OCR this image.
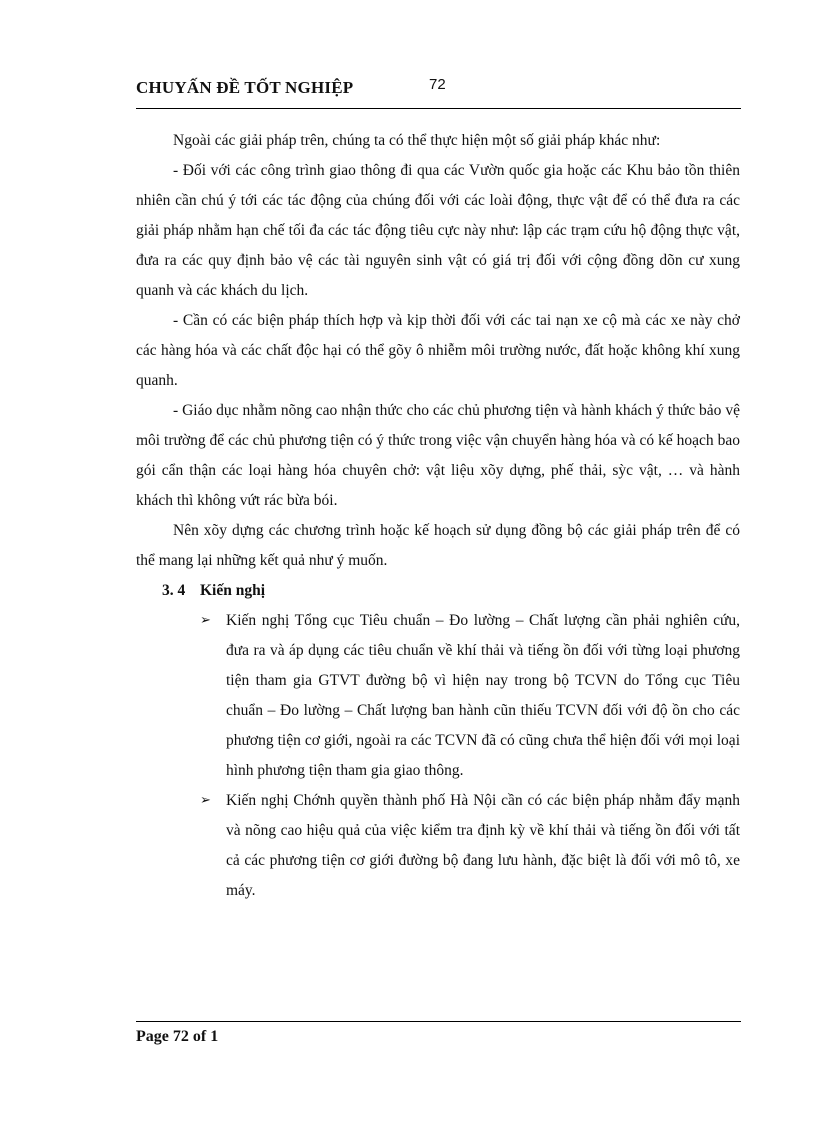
CHUYẤN ĐỀ TỐT NGHIỆP	72

Ngoài các giải pháp trên, chúng ta có thể thực hiện một số giải pháp khác như:

- Đối với các công trình giao thông đi qua các Vườn quốc gia hoặc các Khu bảo tồn thiên nhiên cần chú ý tới các tác động của chúng đối với các loài động, thực vật để có thể đưa ra các giải pháp nhằm hạn chế tối đa các tác động tiêu cực này như: lập các trạm cứu hộ động thực vật, đưa ra các quy định bảo vệ các tài nguyên sinh vật có giá trị đối với cộng đồng dõn cư xung quanh và các khách du lịch.

- Cần có các biện pháp thích hợp và kịp thời đối với các tai nạn xe cộ mà các xe này chở các hàng hóa và các chất độc hại có thể gõy ô nhiễm môi trường nước, đất hoặc không khí xung quanh.

- Giáo dục nhằm nõng cao nhận thức cho các chủ phương tiện và hành khách ý thức bảo vệ môi trường để các chủ phương tiện có ý thức trong việc vận chuyển hàng hóa và có kế hoạch bao gói cẩn thận các loại hàng hóa chuyên chở: vật liệu xõy dựng, phế thải, sỳc vật, … và hành khách thì không vứt rác bừa bói.

Nên xõy dựng các chương trình hoặc kế hoạch sử dụng đồng bộ các giải pháp trên để có thể mang lại những kết quả như ý muốn.

3. 4 Kiến nghị
➢ Kiến nghị Tổng cục Tiêu chuẩn – Đo lường – Chất lượng cần phải nghiên cứu, đưa ra và áp dụng các tiêu chuẩn về khí thải và tiếng ồn đối với từng loại phương tiện tham gia GTVT đường bộ vì hiện nay trong bộ TCVN do Tổng cục Tiêu chuẩn – Đo lường – Chất lượng ban hành cũn thiếu TCVN đối với độ ồn cho các phương tiện cơ giới, ngoài ra các TCVN đã có cũng chưa thể hiện đối với mọi loại hình phương tiện tham gia giao thông.
➢ Kiến nghị Chớnh quyền thành phố Hà Nội cần có các biện pháp nhằm đẩy mạnh và nõng cao hiệu quả của việc kiểm tra định kỳ về khí thải và tiếng ồn đối với tất cả các phương tiện cơ giới đường bộ đang lưu hành, đặc biệt là đối với mô tô, xe máy.
Page 72 of 1
